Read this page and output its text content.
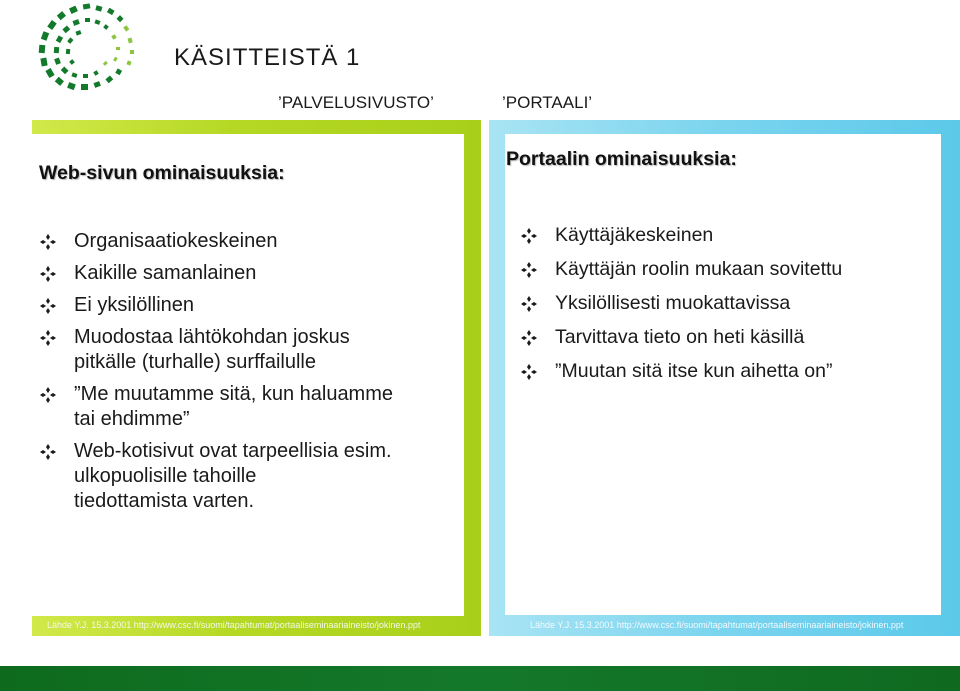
KÄSITTEISTÄ 1
’PALVELUSIVUSTO’	’PORTAALI’
Web-sivun ominaisuuksia:
Organisaatiokeskeinen
Kaikille samanlainen
Ei yksilöllinen
Muodostaa lähtökohdan joskus
pitkälle (turhalle) surffailulle
”Me muutamme sitä, kun haluamme
tai ehdimme”
Web-kotisivut ovat tarpeellisia esim.
ulkopuolisille tahoille
tiedottamista varten.
Lähde Y.J. 15.3.2001 http://www.csc.fi/suomi/tapahtumat/portaaliseminaariaineisto/jokinen.ppt
Portaalin ominaisuuksia:
Käyttäjäkeskeinen
Käyttäjän roolin mukaan sovitettu
Yksilöllisesti muokattavissa
Tarvittava tieto on heti käsillä
”Muutan sitä itse kun aihetta on”
Lähde Y.J. 15.3.2001 http://www.csc.fi/suomi/tapahtumat/portaaliseminaariaineisto/jokinen.ppt
